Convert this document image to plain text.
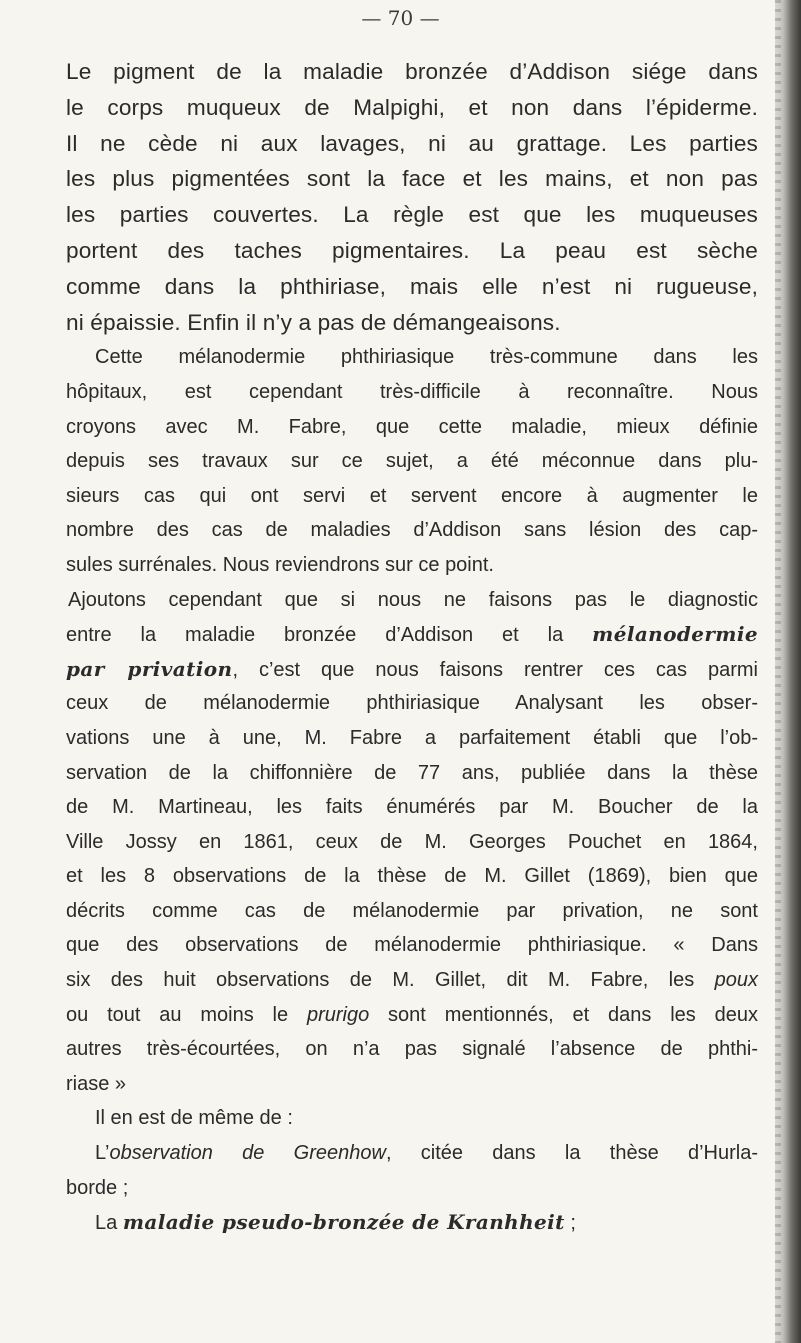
— 70 —

Le pigment de la maladie bronzée d’Addison siége dans
le corps muqueux de Malpighi, et non dans l’épiderme.
Il ne cède ni aux lavages, ni au grattage. Les parties
les plus pigmentées sont la face et les mains, et non pas
les parties couvertes. La règle est que les muqueuses
portent des taches pigmentaires. La peau est sèche
comme dans la phthiriase, mais elle n’est ni rugueuse,
ni épaissie. Enfin il n’y a pas de démangeaisons.
Cette mélanodermie phthiriasique très-commune dans les
hôpitaux, est cependant très-difficile à reconnaître. Nous
croyons avec M. Fabre, que cette maladie, mieux définie
depuis ses travaux sur ce sujet, a été méconnue dans plu-
sieurs cas qui ont servi et servent encore à augmenter le
nombre des cas de maladies d’Addison sans lésion des cap-
sules surrénales. Nous reviendrons sur ce point.
Ajoutons cependant que si nous ne faisons pas le diagnostic
entre la maladie bronzée d’Addison et la mélanodermie
par privation, c’est que nous faisons rentrer ces cas parmi
ceux de mélanodermie phthiriasique Analysant les obser-
vations une à une, M. Fabre a parfaitement établi que l’ob-
servation de la chiffonnière de 77 ans, publiée dans la thèse
de M. Martineau, les faits énumérés par M. Boucher de la
Ville Jossy en 1861, ceux de M. Georges Pouchet en 1864,
et les 8 observations de la thèse de M. Gillet (1869), bien que
décrits comme cas de mélanodermie par privation, ne sont
que des observations de mélanodermie phthiriasique. « Dans
six des huit observations de M. Gillet, dit M. Fabre, les poux
ou tout au moins le prurigo sont mentionnés, et dans les deux
autres très-écourtées, on n’a pas signalé l’absence de phthi-
riase »
Il en est de même de :
L’observation de Greenhow, citée dans la thèse d’Hurla-
borde ;
La maladie pseudo-bronzée de Kranhheit ;
